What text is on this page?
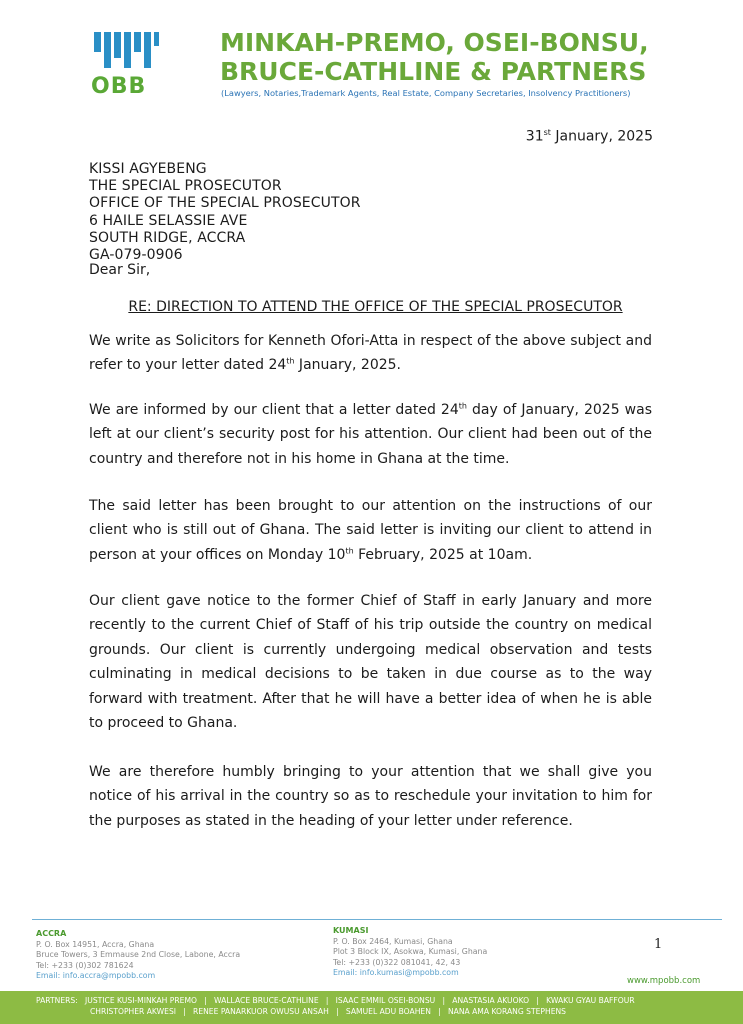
OBB
MINKAH-PREMO, OSEI-BONSU,
BRUCE-CATHLINE & PARTNERS
(Lawyers, Notaries,Trademark Agents, Real Estate, Company Secretaries, Insolvency Practitioners)
31st January, 2025
KISSI AGYEBENG
THE SPECIAL PROSECUTOR
OFFICE OF THE SPECIAL PROSECUTOR
6 HAILE SELASSIE AVE
SOUTH RIDGE, ACCRA
GA-079-0906
Dear Sir,
RE: DIRECTION TO ATTEND THE OFFICE OF THE SPECIAL PROSECUTOR
We write as Solicitors for Kenneth Ofori-Atta in respect of the above subject and refer to your letter dated 24th January, 2025.
We are informed by our client that a letter dated 24th day of January, 2025 was left at our client’s security post for his attention. Our client had been out of the country and therefore not in his home in Ghana at the time.
The said letter has been brought to our attention on the instructions of our client who is still out of Ghana. The said letter is inviting our client to attend in person at your offices on Monday 10th February, 2025 at 10am.
Our client gave notice to the former Chief of Staff in early January and more recently to the current Chief of Staff of his trip outside the country on medical grounds. Our client is currently undergoing medical observation and tests culminating in medical decisions to be taken in due course as to the way forward with treatment. After that he will have a better idea of when he is able to proceed to Ghana.
We are therefore humbly bringing to your attention that we shall give you notice of his arrival in the country so as to reschedule your invitation to him for the purposes as stated in the heading of your letter under reference.
ACCRA
P. O. Box 14951, Accra, Ghana
Bruce Towers, 3 Emmause 2nd Close, Labone, Accra
Tel: +233 (0)302 781624
Email: info.accra@mpobb.com
KUMASI
P. O. Box 2464, Kumasi, Ghana
Plot 3 Block IX, Asokwa, Kumasi, Ghana
Tel: +233 (0)322 081041, 42, 43
Email: info.kumasi@mpobb.com
1
www.mpobb.com
PARTNERS:   JUSTICE KUSI-MINKAH PREMO   |   WALLACE BRUCE-CATHLINE   |   ISAAC EMMIL OSEI-BONSU   |   ANASTASIA AKUOKO   |   KWAKU GYAU BAFFOUR
CHRISTOPHER AKWESI   |   RENEE PANARKUOR OWUSU ANSAH   |   SAMUEL ADU BOAHEN   |   NANA AMA KORANG STEPHENS
